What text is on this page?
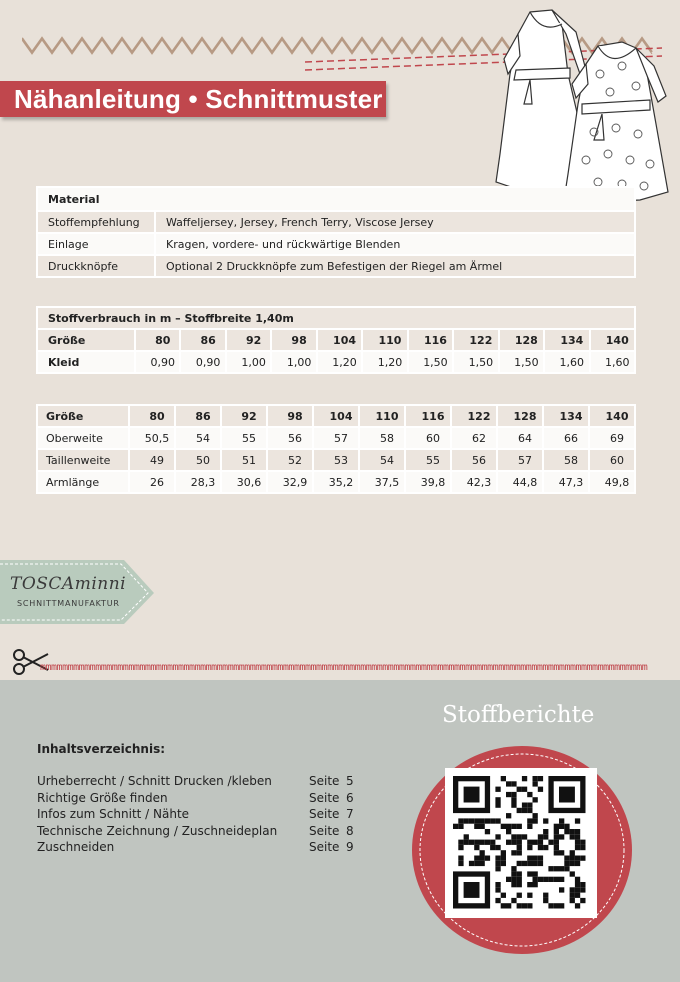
Nähanleitung • Schnittmuster
Material	
Stoffempfehlung	Waffeljersey, Jersey, French Terry, Viscose Jersey
Einlage	Kragen, vordere- und rückwärtige Blenden
Druckknöpfe	Optional 2 Druckknöpfe zum Befestigen der Riegel am Ärmel
Stoffverbrauch in m – Stoffbreite 1,40m											
Größe	80	86	92	98	104	110	116	122	128	134	140
Kleid	0,90	0,90	1,00	1,00	1,20	1,20	1,50	1,50	1,50	1,60	1,60
Größe	80	86	92	98	104	110	116	122	128	134	140
Oberweite	50,5	54	55	56	57	58	60	62	64	66	69
Taillenweite	49	50	51	52	53	54	55	56	57	58	60
Armlänge	26	28,3	30,6	32,9	35,2	37,5	39,8	42,3	44,8	47,3	49,8
TOSCAminni
SCHNITTMANUFAKTUR
mmmmmmmmmmmmmmmmmmmmmmmmmmmmmmmmmmmmmmmmmmmmmmmmmmmmmmmmmmmmmmmmmmmmmmmmmmmmmmmmmmmmmmmmmmmmmmmmmmmmmmmmmmmmmm
Inhaltsverzeichnis:
Urheberrecht / Schnitt Drucken /kleben	Seite 5
Richtige Größe finden	Seite 6
Infos zum Schnitt / Nähte	Seite 7
Technische Zeichnung / Zuschneideplan	Seite 8
Zuschneiden	Seite 9
Stoffberichte
